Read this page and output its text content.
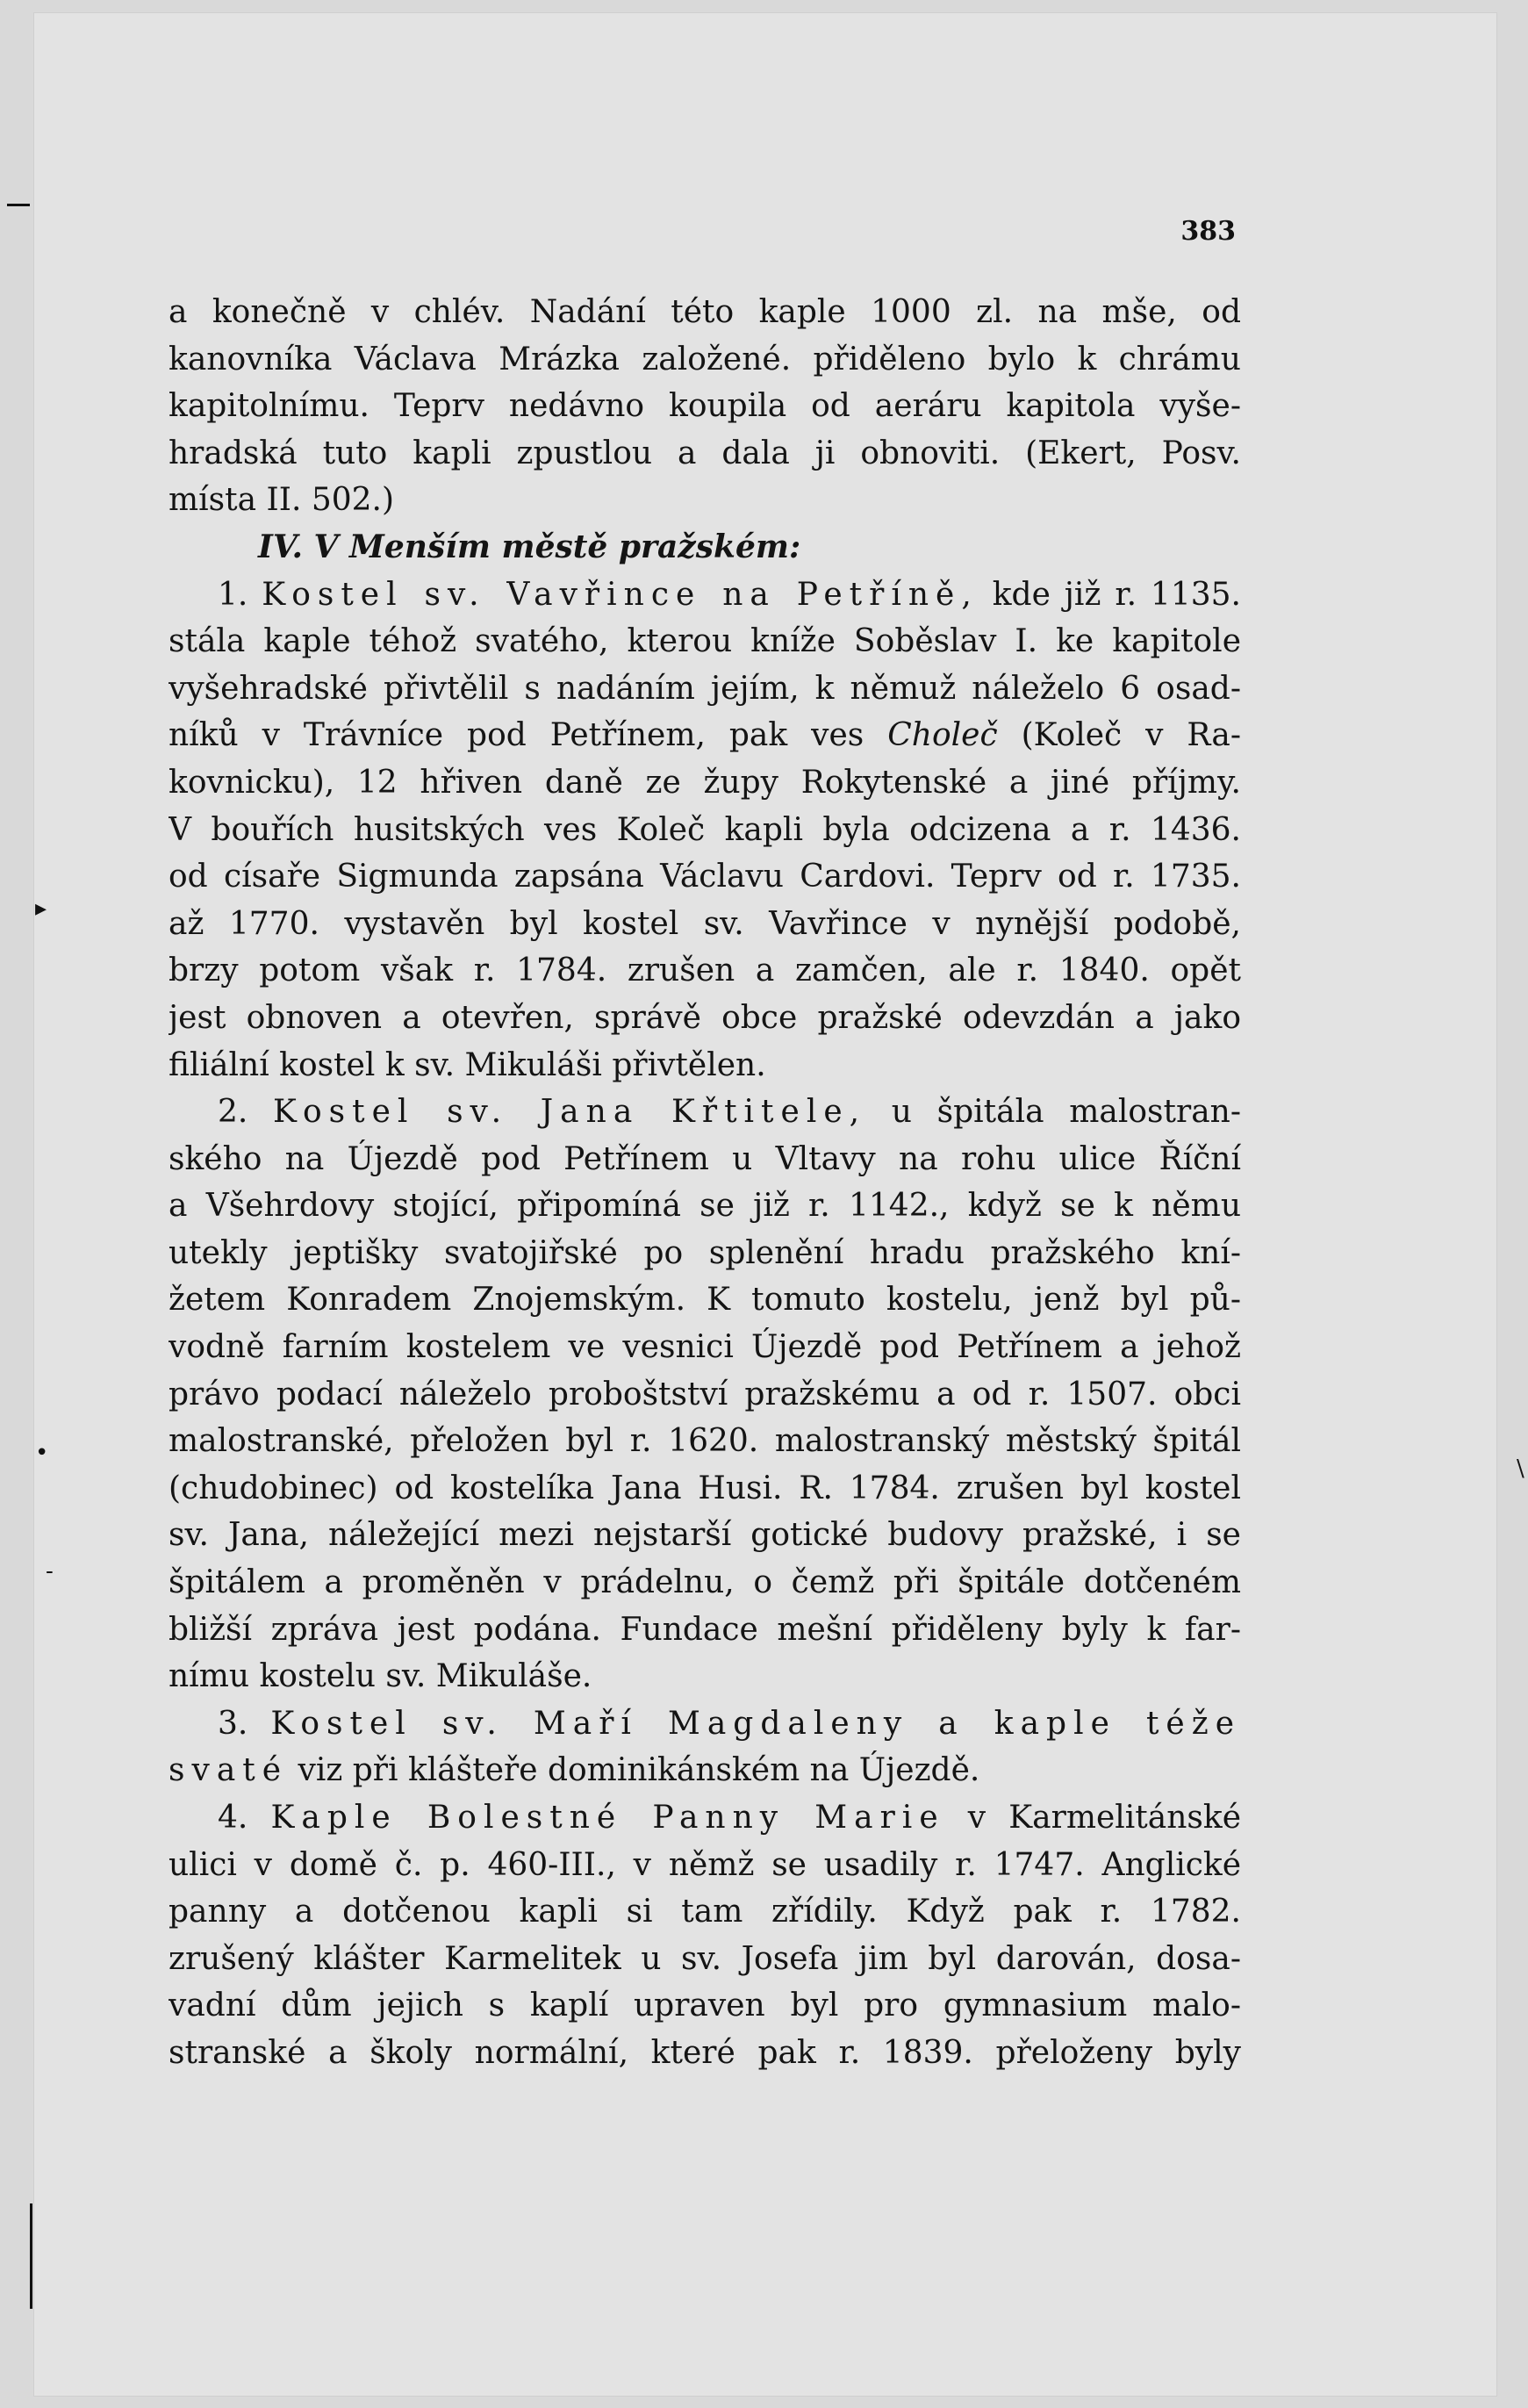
383
a konečně v chlév. Nadání této kaple 1000 zl. na mše, od
kanovníka Václava Mrázka založené. přiděleno bylo k chrámu
kapitolnímu. Teprv nedávno koupila od aeráru kapitola vyše-
hradská tuto kapli zpustlou a dala ji obnoviti. (Ekert, Posv.
místa II. 502.)
IV. V Menším městě pražském:
1. Kostel sv. Vavřince na Petříně, kde již r. 1135.
stála kaple téhož svatého, kterou kníže Soběslav I. ke kapitole
vyšehradské přivtělil s nadáním jejím, k němuž náleželo 6 osad-
níků v Trávníce pod Petřínem, pak ves Choleč (Koleč v Ra-
kovnicku), 12 hřiven daně ze župy Rokytenské a jiné příjmy.
V bouřích husitských ves Koleč kapli byla odcizena a r. 1436.
od císaře Sigmunda zapsána Václavu Cardovi. Teprv od r. 1735.
až 1770. vystavěn byl kostel sv. Vavřince v nynější podobě,
brzy potom však r. 1784. zrušen a zamčen, ale r. 1840. opět
jest obnoven a otevřen, správě obce pražské odevzdán a jako
filiální kostel k sv. Mikuláši přivtělen.
2. Kostel sv. Jana Křtitele, u špitála malostran-
ského na Újezdě pod Petřínem u Vltavy na rohu ulice Říční
a Všehrdovy stojící, připomíná se již r. 1142., když se k němu
utekly jeptišky svatojiřské po splenění hradu pražského kní-
žetem Konradem Znojemským. K tomuto kostelu, jenž byl pů-
vodně farním kostelem ve vesnici Újezdě pod Petřínem a jehož
právo podací náleželo proboštství pražskému a od r. 1507. obci
malostranské, přeložen byl r. 1620. malostranský městský špitál
(chudobinec) od kostelíka Jana Husi. R. 1784. zrušen byl kostel
sv. Jana, náležející mezi nejstarší gotické budovy pražské, i se
špitálem a proměněn v prádelnu, o čemž při špitále dotčeném
bližší zpráva jest podána. Fundace mešní přiděleny byly k far-
nímu kostelu sv. Mikuláše.
3. Kostel sv. Maří Magdaleny a kaple téže
svaté viz při klášteře dominikánském na Újezdě.
4. Kaple Bolestné Panny Marie v Karmelitánské
ulici v domě č. p. 460-III., v němž se usadily r. 1747. Anglické
panny a dotčenou kapli si tam zřídily. Když pak r. 1782.
zrušený klášter Karmelitek u sv. Josefa jim byl darován, dosa-
vadní dům jejich s kaplí upraven byl pro gymnasium malo-
stranské a školy normální, které pak r. 1839. přeloženy byly
▸
•
-
\
